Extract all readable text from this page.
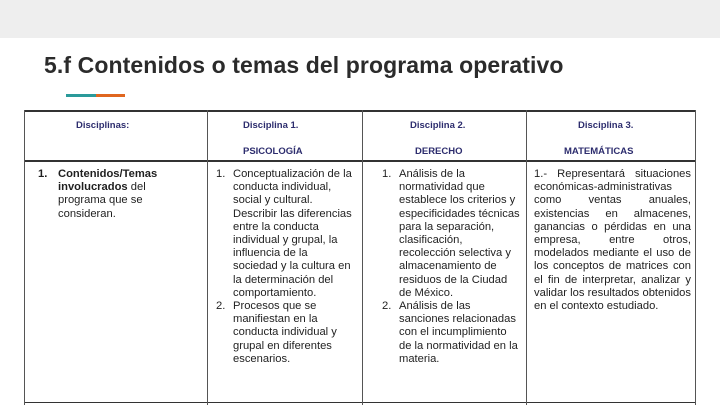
5.f Contenidos o temas del programa operativo
Disciplinas:	Disciplina 1.
PSICOLOGÍA
Disciplina 2.
DERECHO
Disciplina 3.
MATEMÁTICAS
1. Contenidos/Temas involucrados del programa que se consideran.
1. Conceptualización de la conducta individual, social y cultural. Describir las diferencias entre la conducta individual y grupal, la influencia de la sociedad y la cultura en la determinación del comportamiento.
2. Procesos que se manifiestan en la conducta individual y grupal en diferentes escenarios.
1. Análisis de la normatividad que establece los criterios y especificidades técnicas para la separación, clasificación, recolección selectiva y almacenamiento de residuos de la Ciudad de México.
2. Análisis de las sanciones relacionadas con el incumplimiento de la normatividad en la materia.
1.- Representará situaciones económicas-administrativas como ventas anuales, existencias en almacenes, ganancias o pérdidas en una empresa, entre otros, modelados mediante el uso de los conceptos de matrices con el fin de interpretar, analizar y validar los resultados obtenidos en el contexto estudiado.
